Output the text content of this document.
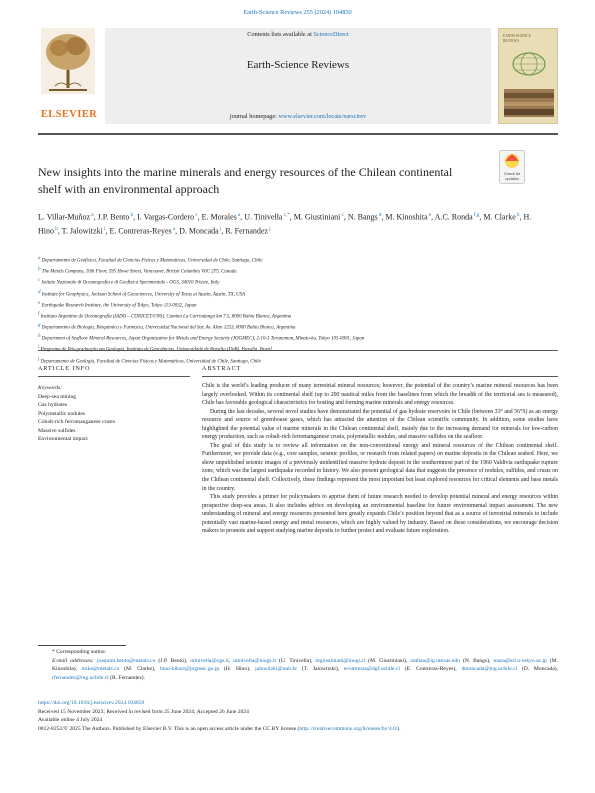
Earth-Science Reviews 255 (2024) 104850
ELSEVIER
Contents lists available at ScienceDirect
Earth-Science Reviews
journal homepage: www.elsevier.com/locate/earscirev
EARTH-SCIENCE
REVIEWS
New insights into the marine minerals and energy resources of the Chilean continental shelf with an environmental approach
Check for
updates
L. Villar-Muñoz $^a$, J.P. Bento $^b$, I. Vargas-Cordero $^c$, E. Morales $^a$, U. Tinivella $^{c,*}$, M. Giustiniani $^c$, N. Bangs $^d$, M. Kinoshita $^e$, A.C. Ronda $^{f,g}$, M. Clarke $^b$, H. Hino $^h$, T. Jalowitzki $^i$, E. Contreras-Reyes $^a$, D. Moncada $^j$, R. Fernandez $^j$
$^a$ Departamento de Geofísica, Facultad de Ciencias Físicas y Matemáticas, Universidad de Chile, Santiago, Chile
$^b$ The Metals Company, 10th Floor, 595 Howe Street, Vancouver, British Columbia V6C 2T5, Canada
$^c$ Istituto Nazionale di Oceanografia e di Geofisica Sperimentale - OGS, 34010 Trieste, Italy
$^d$ Institute for Geophysics, Jackson School of Geosciences, University of Texas at Austin, Austin, TX, USA
$^e$ Earthquake Research Institute, the University of Tokyo, Tokyo 113-0032, Japan
$^f$ Instituto Argentino de Oceanografía (IADO – CONICET/UNS), Camino La Carrindanga km 7.5, 8000 Bahía Blanca, Argentina
$^g$ Departamento de Biología, Bioquímica y Farmacia, Universidad Nacional del Sur, Av. Alem 1253, 8000 Bahía Blanca, Argentina
$^h$ Department of Seafloor Mineral Resources, Japan Organization for Metals and Energy Security (JOGMEC), 2-10-1 Toranomon, Minato-ku, Tokyo 105-0001, Japan
$^i$ Programa de Pós-graduação em Geologia, Instituto de Geociências, Universidade de Brasília (UnB), Brasília, Brazil
$^j$ Departamento de Geología, Facultad de Ciencias Físicas y Matemáticas, Universidad de Chile, Santiago, Chile
ARTICLE INFO	ABSTRACT
Keywords:
Deep-sea mining
Gas hydrates
Polymetallic nodules
Cobalt-rich ferromanganese crusts
Massive sulfides
Environmental impact

Chile is the world’s leading producer of many terrestrial mineral resources; however, the potential of the country’s marine mineral resources has been largely overlooked. Within its continental shelf (up to 200 nautical miles from the baselines from which the breadth of the territorial sea is measured), Chile has favorable geological characteristics for hosting and forming marine minerals and energy resources.

During the last decades, several novel studies have demonstrated the potential of gas hydrate reservoirs in Chile (between 33° and 56°S) as an energy resource and source of greenhouse gases, which has attracted the attention of the Chilean scientific community. In addition, some studies have highlighted the potential value of marine minerals in the Chilean continental shelf, mainly due to the increasing demand for minerals for low-carbon energy production, such as cobalt-rich ferromanganese crusts, polymetallic nodules, and massive sulfides on the seafloor.

The goal of this study is to review all information on the non-conventional energy and mineral resources of the Chilean continental shelf. Furthermore, we provide data (e.g., core samples, seismic profiles, or research from related papers) on marine deposits in the Chilean seabed. Here, we show unpublished seismic images of a previously unidentified massive hydrate deposit in the southernmost part of the 1960 Valdivia earthquake rupture zone, which was the largest earthquake recorded in history. We also present geological data that suggests the presence of nodules, sulfides, and crusts on the Chilean continental shelf. Collectively, these findings represent the most important but least explored resources for critical elements and base metals in the country.

This study provides a primer for policymakers to apprise them of future research needed to develop potential mineral and energy resources within prospective deep-sea areas. It also includes advice on developing an environmental baseline for future environmental impact assessment. The new understanding of mineral and energy resources presented here greatly expands Chile’s position beyond that as a source of terrestrial minerals to include potentially vast marine-based energy and metal resources, which are highly valued by industry. Based on these considerations, we encourage decision makers to promote and support studying marine deposits to further protect and evaluate future exploration.

* Corresponding author.
E-mail addresses: joaquim.bento@metals.co (J.P. Bento), utinivella@ogs.it, utinivella@inogs.it (U. Tinivella), mgiustiniani@inogs.it (M. Giustiniani), nathan@ig.utexas.edu (N. Bangs), masa@eri.u-tokyo.ac.jp (M. Kinoshita), mike@metals.co (M. Clarke), hino-hikari@jogmec.go.jp (H. Hino), jalowitzki@unb.br (T. Jalowitzki), econtreras@dgf.uchile.cl (E. Contreras-Reyes), dmoncada@ing.uchile.cl (D. Moncada), rfernandez@ing.uchile.cl (R. Fernandez).
https://doi.org/10.1016/j.earscirev.2024.104850
Received 15 November 2023; Received in revised form 25 June 2024; Accepted 26 June 2024
Available online 4 July 2024
0012-8252/© 2025 The Authors. Published by Elsevier B.V. This is an open access article under the CC BY license (http://creativecommons.org/licenses/by/4.0/).
